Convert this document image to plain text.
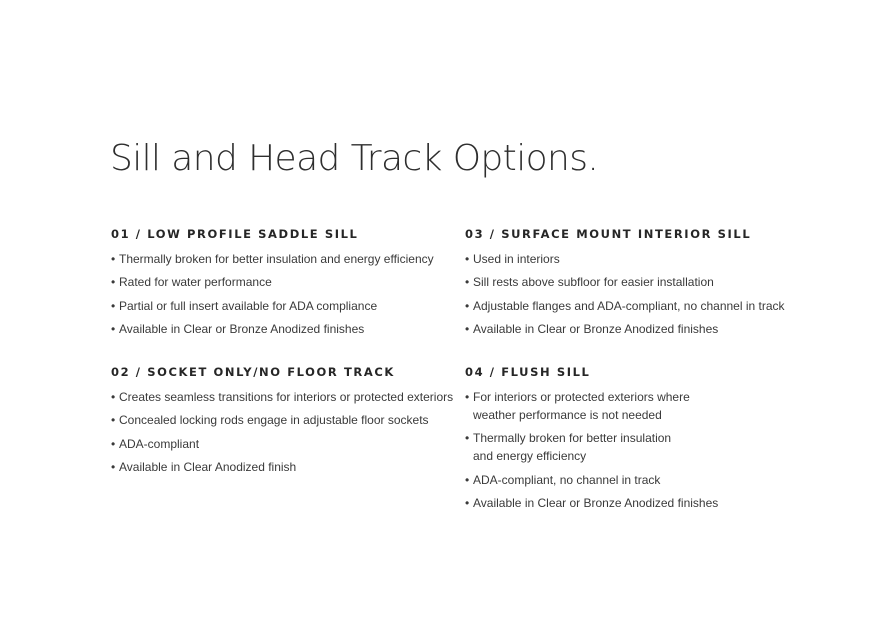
Sill and Head Track Options.
01 / LOW PROFILE SADDLE SILL
• Thermally broken for better insulation and energy efficiency
• Rated for water performance
• Partial or full insert available for ADA compliance
• Available in Clear or Bronze Anodized finishes
02 / SOCKET ONLY/NO FLOOR TRACK
• Creates seamless transitions for interiors or protected exteriors
• Concealed locking rods engage in adjustable floor sockets
• ADA-compliant
• Available in Clear Anodized finish
03 / SURFACE MOUNT INTERIOR SILL
• Used in interiors
• Sill rests above subfloor for easier installation
• Adjustable flanges and ADA-compliant, no channel in track
• Available in Clear or Bronze Anodized finishes
04 / FLUSH SILL
• For interiors or protected exteriors where
weather performance is not needed
• Thermally broken for better insulation
and energy efficiency
• ADA-compliant, no channel in track
• Available in Clear or Bronze Anodized finishes
